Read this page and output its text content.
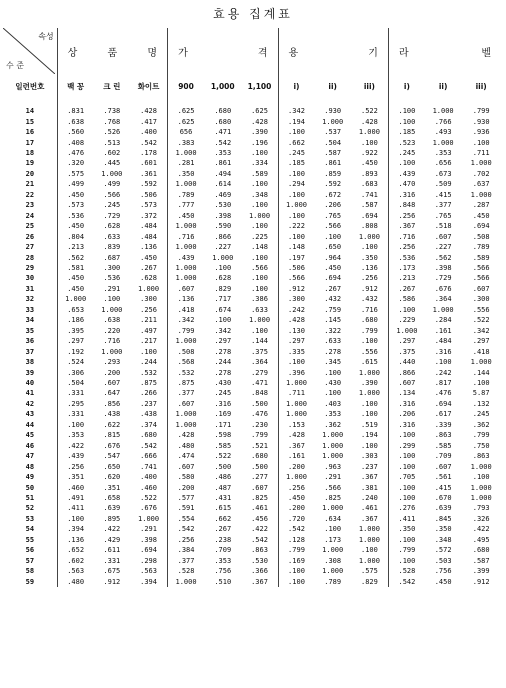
효용 집계표
속성
수 준	상 품 명			가 격			용 기			라 벨		

일련번호	백 꽁	크 린	화이트	900	1,000	1,100	i)	ii)	iii)	i)	ii)	iii)

14	.831	.738	.428	.625	.680	.625	.342	.930	.522	.100	1.000	.799
15	.638	.768	.417	.625	.680	.428	.194	1.000	.428	.100	.766	.930
16	.560	.526	.400	656	.471	.390	.100	.537	1.000	.185	.493	.936
17	.408	.513	.542	.383	.542	.196	.662	.504	.100	.523	1.000	.100
18	.476	.602	.178	1.000	.353	.100	.245	.587	.922	.245	.353	.711
19	.320	.445	.601	.281	.861	.334	.185	.861	.450	.100	.656	1.000
20	.575	1.000	.361	.350	.494	.589	.100	.859	.893	.439	.673	.702
21	.499	.499	.592	1.000	.614	.100	.294	.592	.683	.470	.509	.637
22	.450	.566	.506	.789	.469	.348	.100	.672	.741	.316	.415	1.000
23	.573	.245	.573	.777	.530	.100	1.000	.206	.587	.848	.377	.287
24	.536	.729	.372	.450	.398	1.000	.100	.765	.694	.256	.765	.450
25	.450	.628	.484	1.000	.590	.100	.222	.566	.808	.367	.518	.694
26	.804	.633	.484	.716	.866	.225	.100	.100	1.000	.716	.607	.508
27	.213	.839	.136	1.000	.227	.148	.148	.650	.100	.256	.227	.789
28	.562	.687	.450	.439	1.000	.100	.197	.964	.350	.536	.562	.589
29	.581	.300	.267	1.000	.100	.566	.506	.450	.136	.173	.398	.566
30	.450	.536	.628	1.000	.628	.100	.566	.694	.256	.213	.729	.566
31	.450	.291	1.000	.607	.829	.100	.912	.267	.912	.267	.676	.607
32	1.000	.100	.300	.136	.717	.386	.300	.432	.432	.586	.364	.300
33	.653	1.000	.256	.418	.674	.633	.242	.759	.716	.100	1.000	.556
34	.186	.638	.211	.342	.100	1.000	.428	.145	.680	.229	.284	.522
35	.395	.220	.497	.799	.342	.100	.130	.322	.799	1.000	.161	.342
36	.297	.716	.217	1.000	.297	.144	.297	.633	.100	.297	.484	.297
37	.192	1.000	.100	.508	.278	.375	.335	.278	.556	.375	.316	.418
38	.524	.293	.244	.568	.244	.364	.100	.345	.615	.440	.100	1.000
39	.306	.200	.532	.532	.278	.279	.396	.100	1.000	.866	.242	.144
40	.504	.607	.875	.875	.430	.471	1.000	.430	.390	.607	.817	.100
41	.331	.647	.266	.377	.245	.848	.711	.100	1.000	.134	.476	5.87
42	.295	.856	.237	.607	.316	.500	1.000	.403	.100	.316	.694	.132
43	.331	.438	.438	1.000	.169	.476	1.000	.353	.100	.206	.617	.245
44	.100	.622	.374	1.000	.171	.230	.153	.362	.519	.316	.339	.362
45	.353	.815	.680	.428	.598	.799	.428	1.000	.194	.100	.863	.799
46	.422	.676	.542	.480	.585	.521	.367	1.000	.100	.299	.585	.750
47	.439	.547	.666	.474	.522	.680	.161	1.000	.303	.100	.709	.863
48	.256	.650	.741	.607	.500	.500	.200	.963	.237	.100	.607	1.000
49	.351	.620	.400	.580	.486	.277	1.000	.291	.367	.705	.561	.100
50	.460	.351	.460	.200	.487	.607	.256	.566	.381	.100	.415	1.000
51	.491	.658	.522	.577	.431	.825	.450	.825	.240	.100	.670	1.000
52	.411	.639	.676	.591	.615	.461	.200	1.000	.461	.276	.639	.793
53	.100	.895	1.000	.554	.662	.456	.720	.634	.367	.411	.845	.326
54	.394	.422	.291	.542	.267	.422	.542	.100	1.000	.350	.350	.422
55	.136	.429	.398	.256	.238	.542	.128	.173	1.000	.100	.348	.495
56	.652	.611	.694	.384	.709	.863	.799	1.000	.100	.799	.572	.680
57	.602	.331	.298	.377	.353	.530	.169	.308	1.000	.100	.503	.587
58	.563	.675	.563	.528	.756	.366	.100	1.000	.575	.528	.756	.399
59	.480	.912	.394	1.000	.510	.367	.100	.789	.829	.542	.450	.912
